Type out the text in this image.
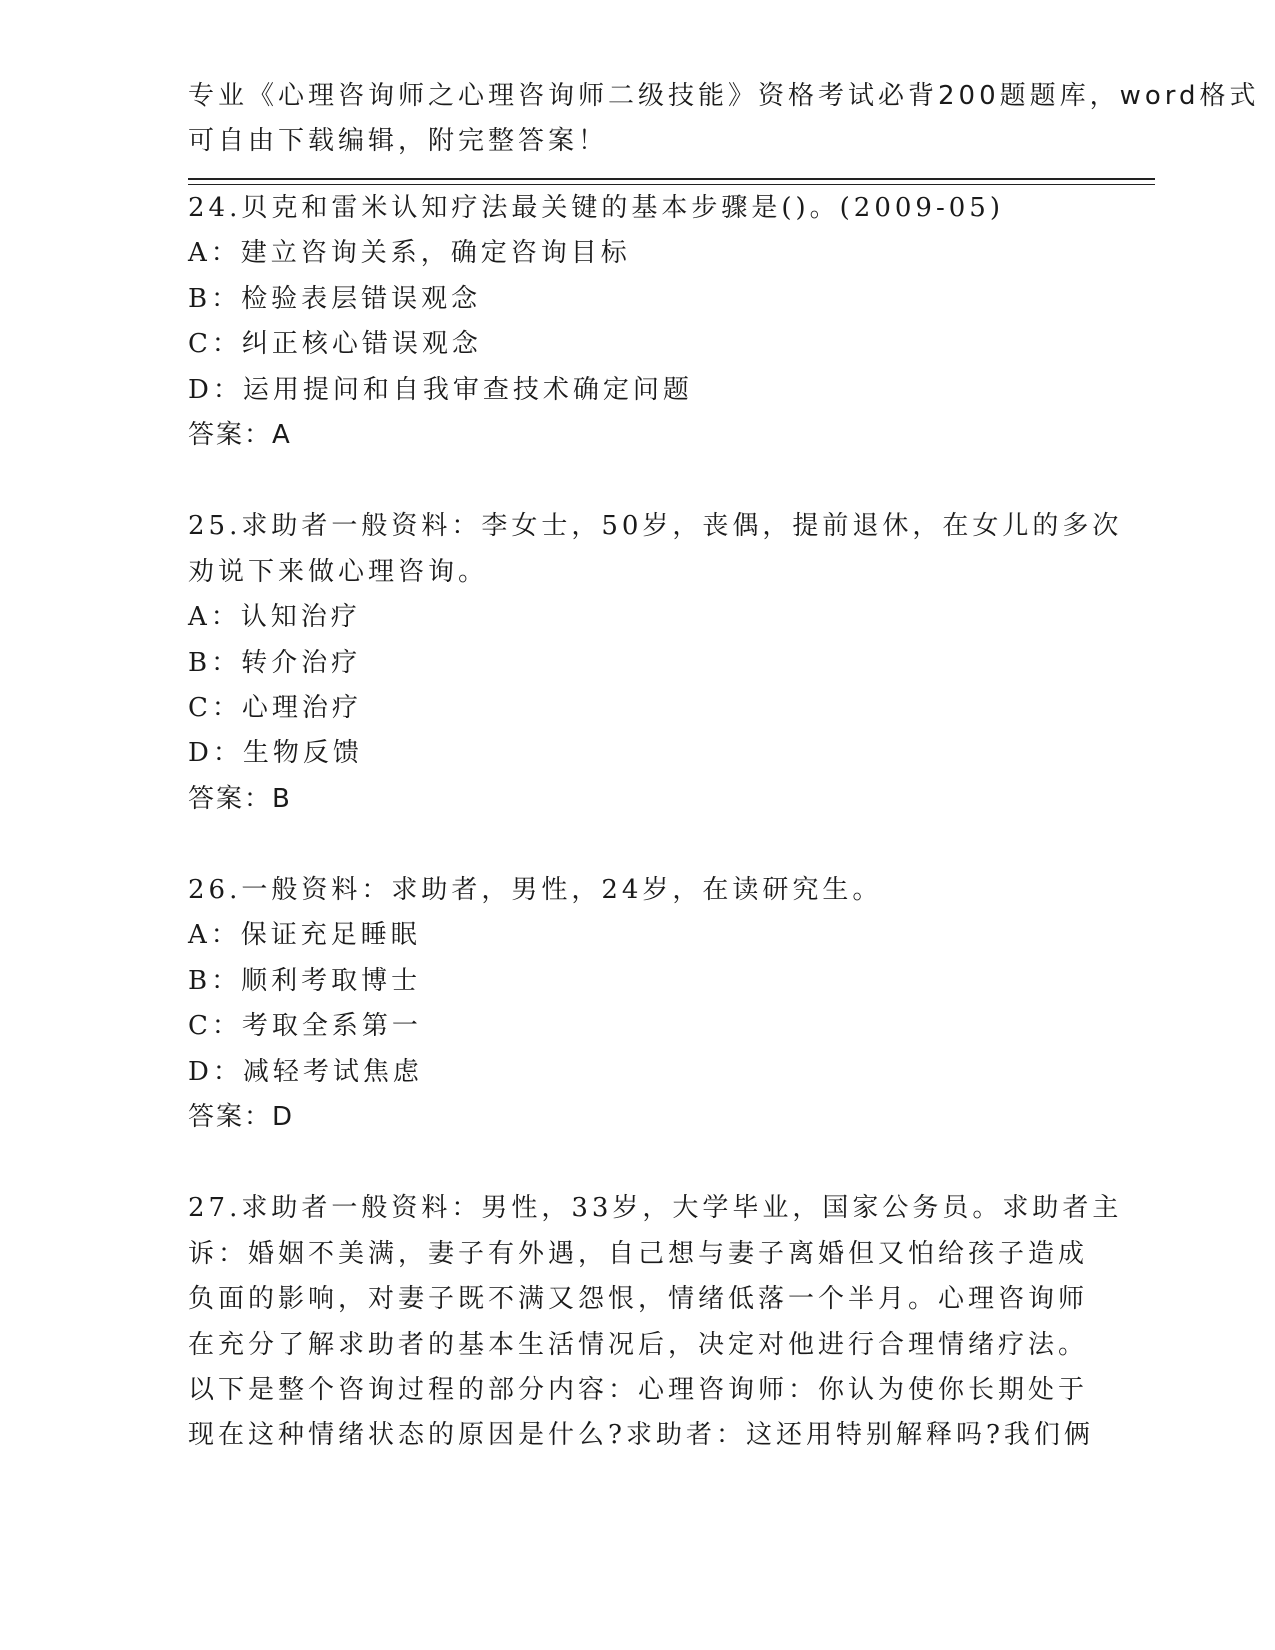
专业《心理咨询师之心理咨询师二级技能》资格考试必背200题题库，word格式
可自由下载编辑，附完整答案！
24.贝克和雷米认知疗法最关键的基本步骤是()。(2009-05)
A：建立咨询关系，确定咨询目标
B：检验表层错误观念
C：纠正核心错误观念
D：运用提问和自我审查技术确定问题
答案：A
25.求助者一般资料：李女士，50岁，丧偶，提前退休，在女儿的多次
劝说下来做心理咨询。
A：认知治疗
B：转介治疗
C：心理治疗
D：生物反馈
答案：B
26.一般资料：求助者，男性，24岁，在读研究生。
A：保证充足睡眠
B：顺利考取博士
C：考取全系第一
D：减轻考试焦虑
答案：D
27.求助者一般资料：男性，33岁，大学毕业，国家公务员。求助者主
诉：婚姻不美满，妻子有外遇，自己想与妻子离婚但又怕给孩子造成
负面的影响，对妻子既不满又怨恨，情绪低落一个半月。心理咨询师
在充分了解求助者的基本生活情况后，决定对他进行合理情绪疗法。
以下是整个咨询过程的部分内容：心理咨询师：你认为使你长期处于
现在这种情绪状态的原因是什么?求助者：这还用特别解释吗?我们俩
